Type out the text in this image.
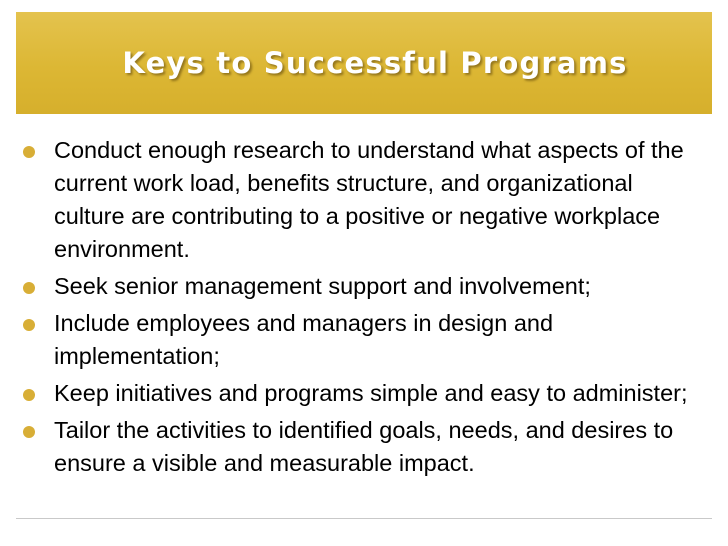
Keys to Successful Programs
Conduct enough research to understand what aspects of the current work load, benefits structure, and organizational culture are contributing to a positive or negative workplace environment.
Seek senior management support and involvement;
Include employees and managers in design and implementation;
Keep initiatives and programs simple and easy to administer;
Tailor the activities to identified goals, needs, and desires to ensure a visible and measurable impact.
